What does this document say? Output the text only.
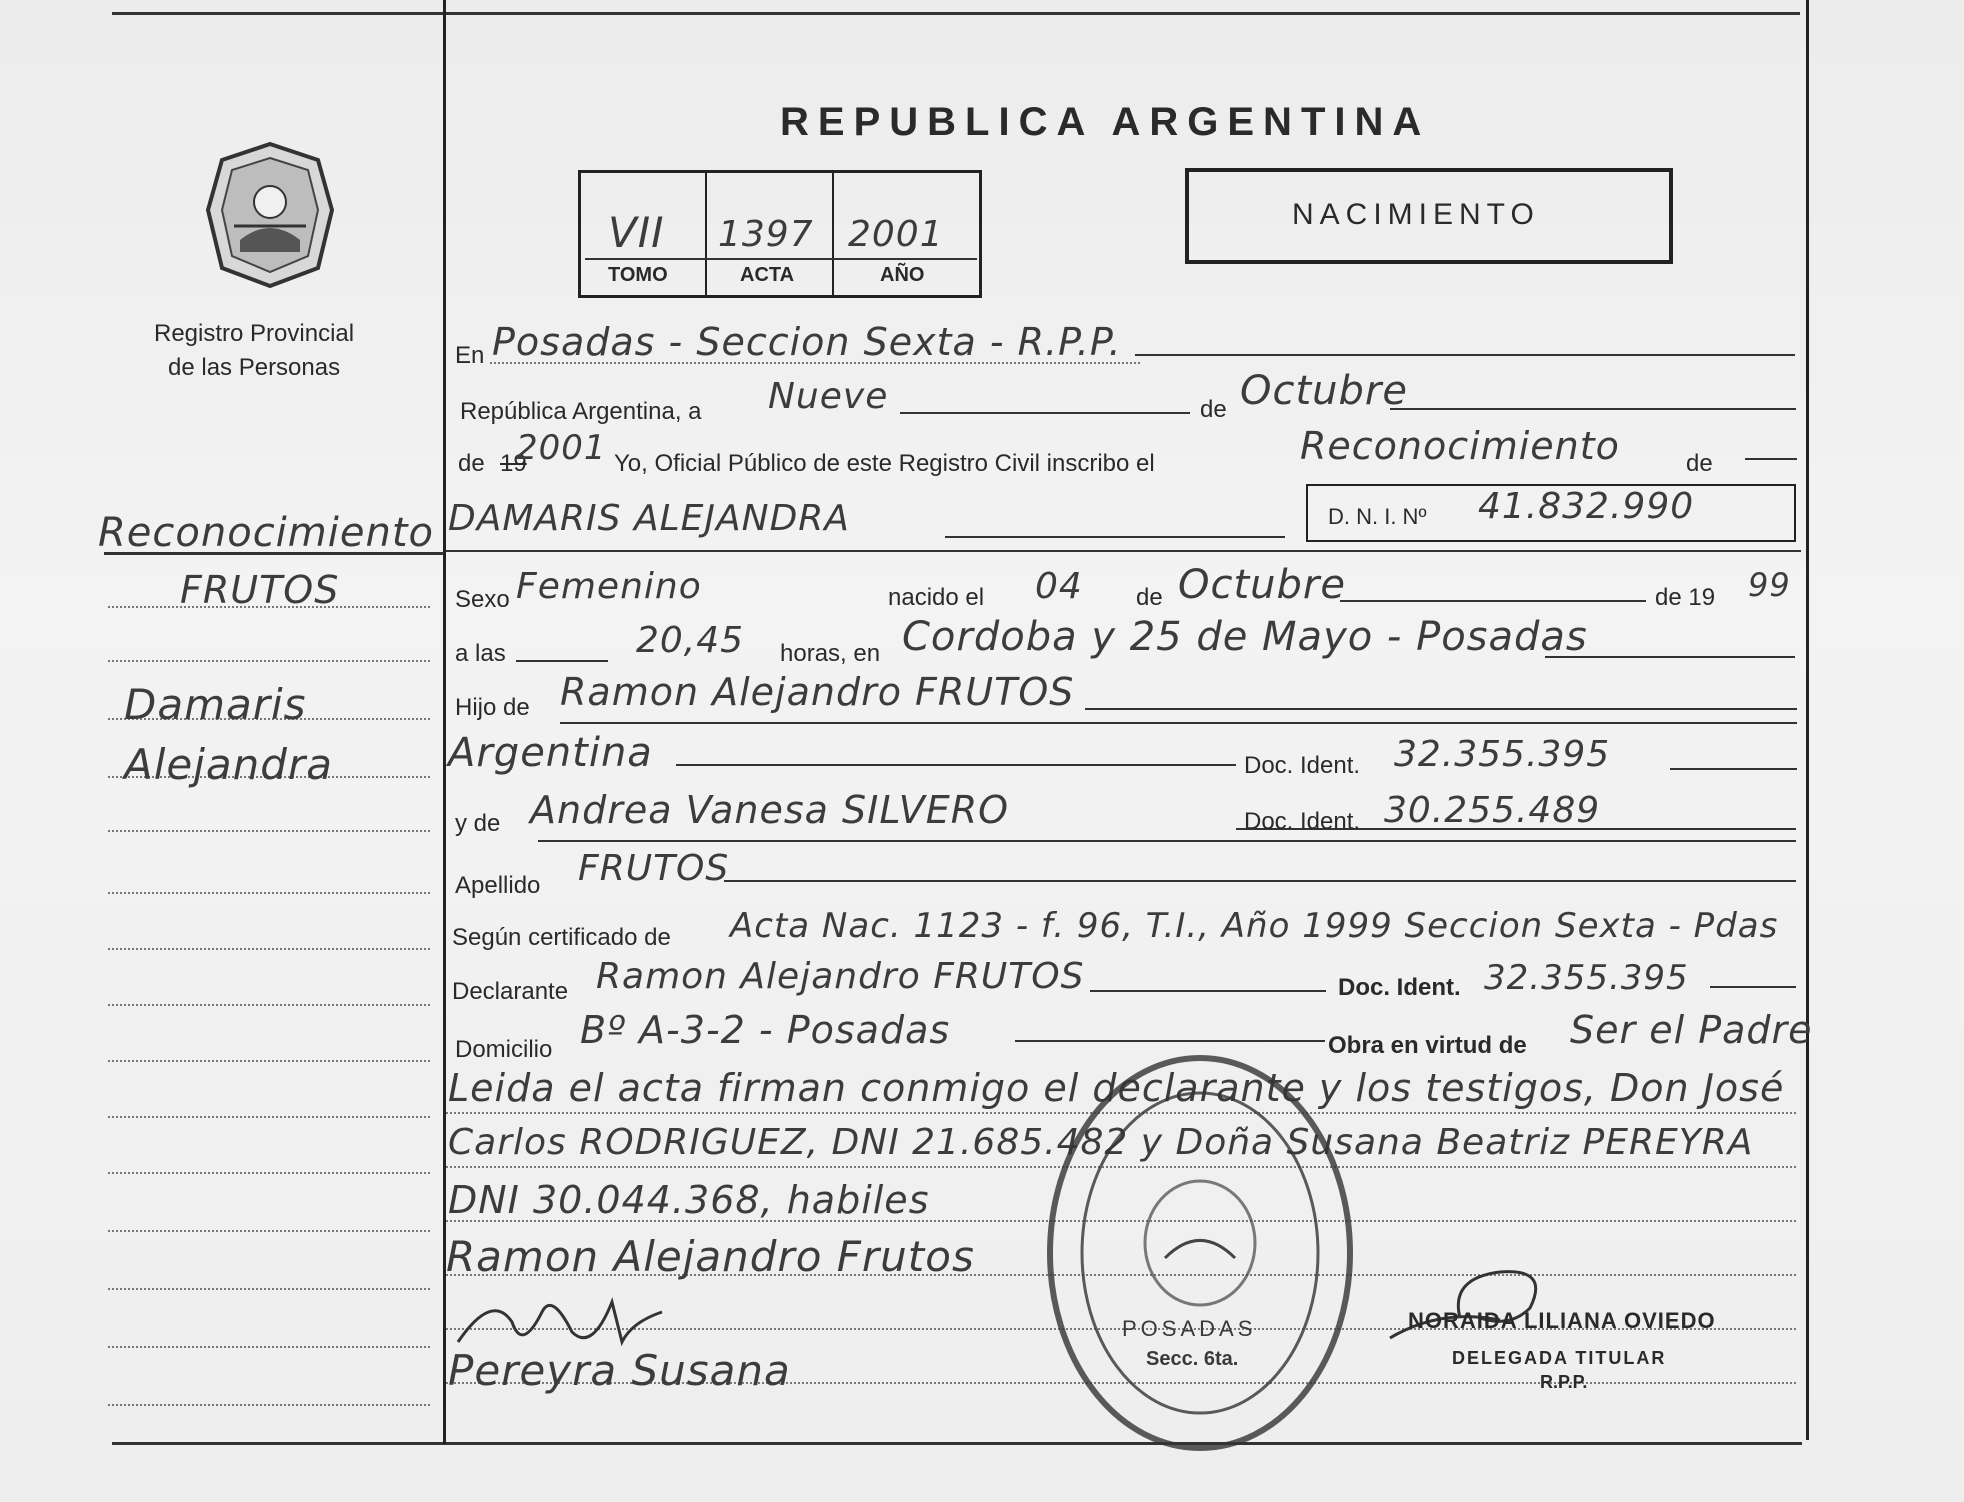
REPUBLICA ARGENTINA
VII 1397 2001
TOMO	ACTA	AÑO
NACIMIENTO
Registro Provincial
de las Personas
Reconocimiento
FRUTOS
Damaris
Alejandra
En Posadas - Seccion Sexta - R.P.P.
República Argentina, a Nueve	de Octubre
de 19
2001 Yo, Oficial Público de este Registro Civil inscribo el	Reconocimiento	de
DAMARIS ALEJANDRA	D. N. I. Nº 41.832.990
Sexo Femenino	nacido el 04 de Octubre	de 19 99
a las	20,45 horas, en Cordoba y 25 de Mayo - Posadas
Hijo de Ramon Alejandro FRUTOS
Argentina	Doc. Ident. 32.355.395
y de Andrea Vanesa SILVERO	Doc. Ident. 30.255.489
Apellido FRUTOS
Según certificado de Acta Nac. 1123 - f. 96, T.I., Año 1999 Seccion Sexta - Pdas
Declarante Ramon Alejandro FRUTOS	Doc. Ident. 32.355.395
Domicilio Bº A-3-2 - Posadas	Obra en virtud de Ser el Padre
Leida el acta firman conmigo el declarante y los testigos, Don José
Carlos RODRIGUEZ, DNI 21.685.482 y Doña Susana Beatriz PEREYRA
DNI 30.044.368, habiles
Ramon Alejandro Frutos
Pereyra Susana
POSADAS
Secc. 6ta.
NORAIDA LILIANA OVIEDO
DELEGADA TITULAR
R.P.P.
